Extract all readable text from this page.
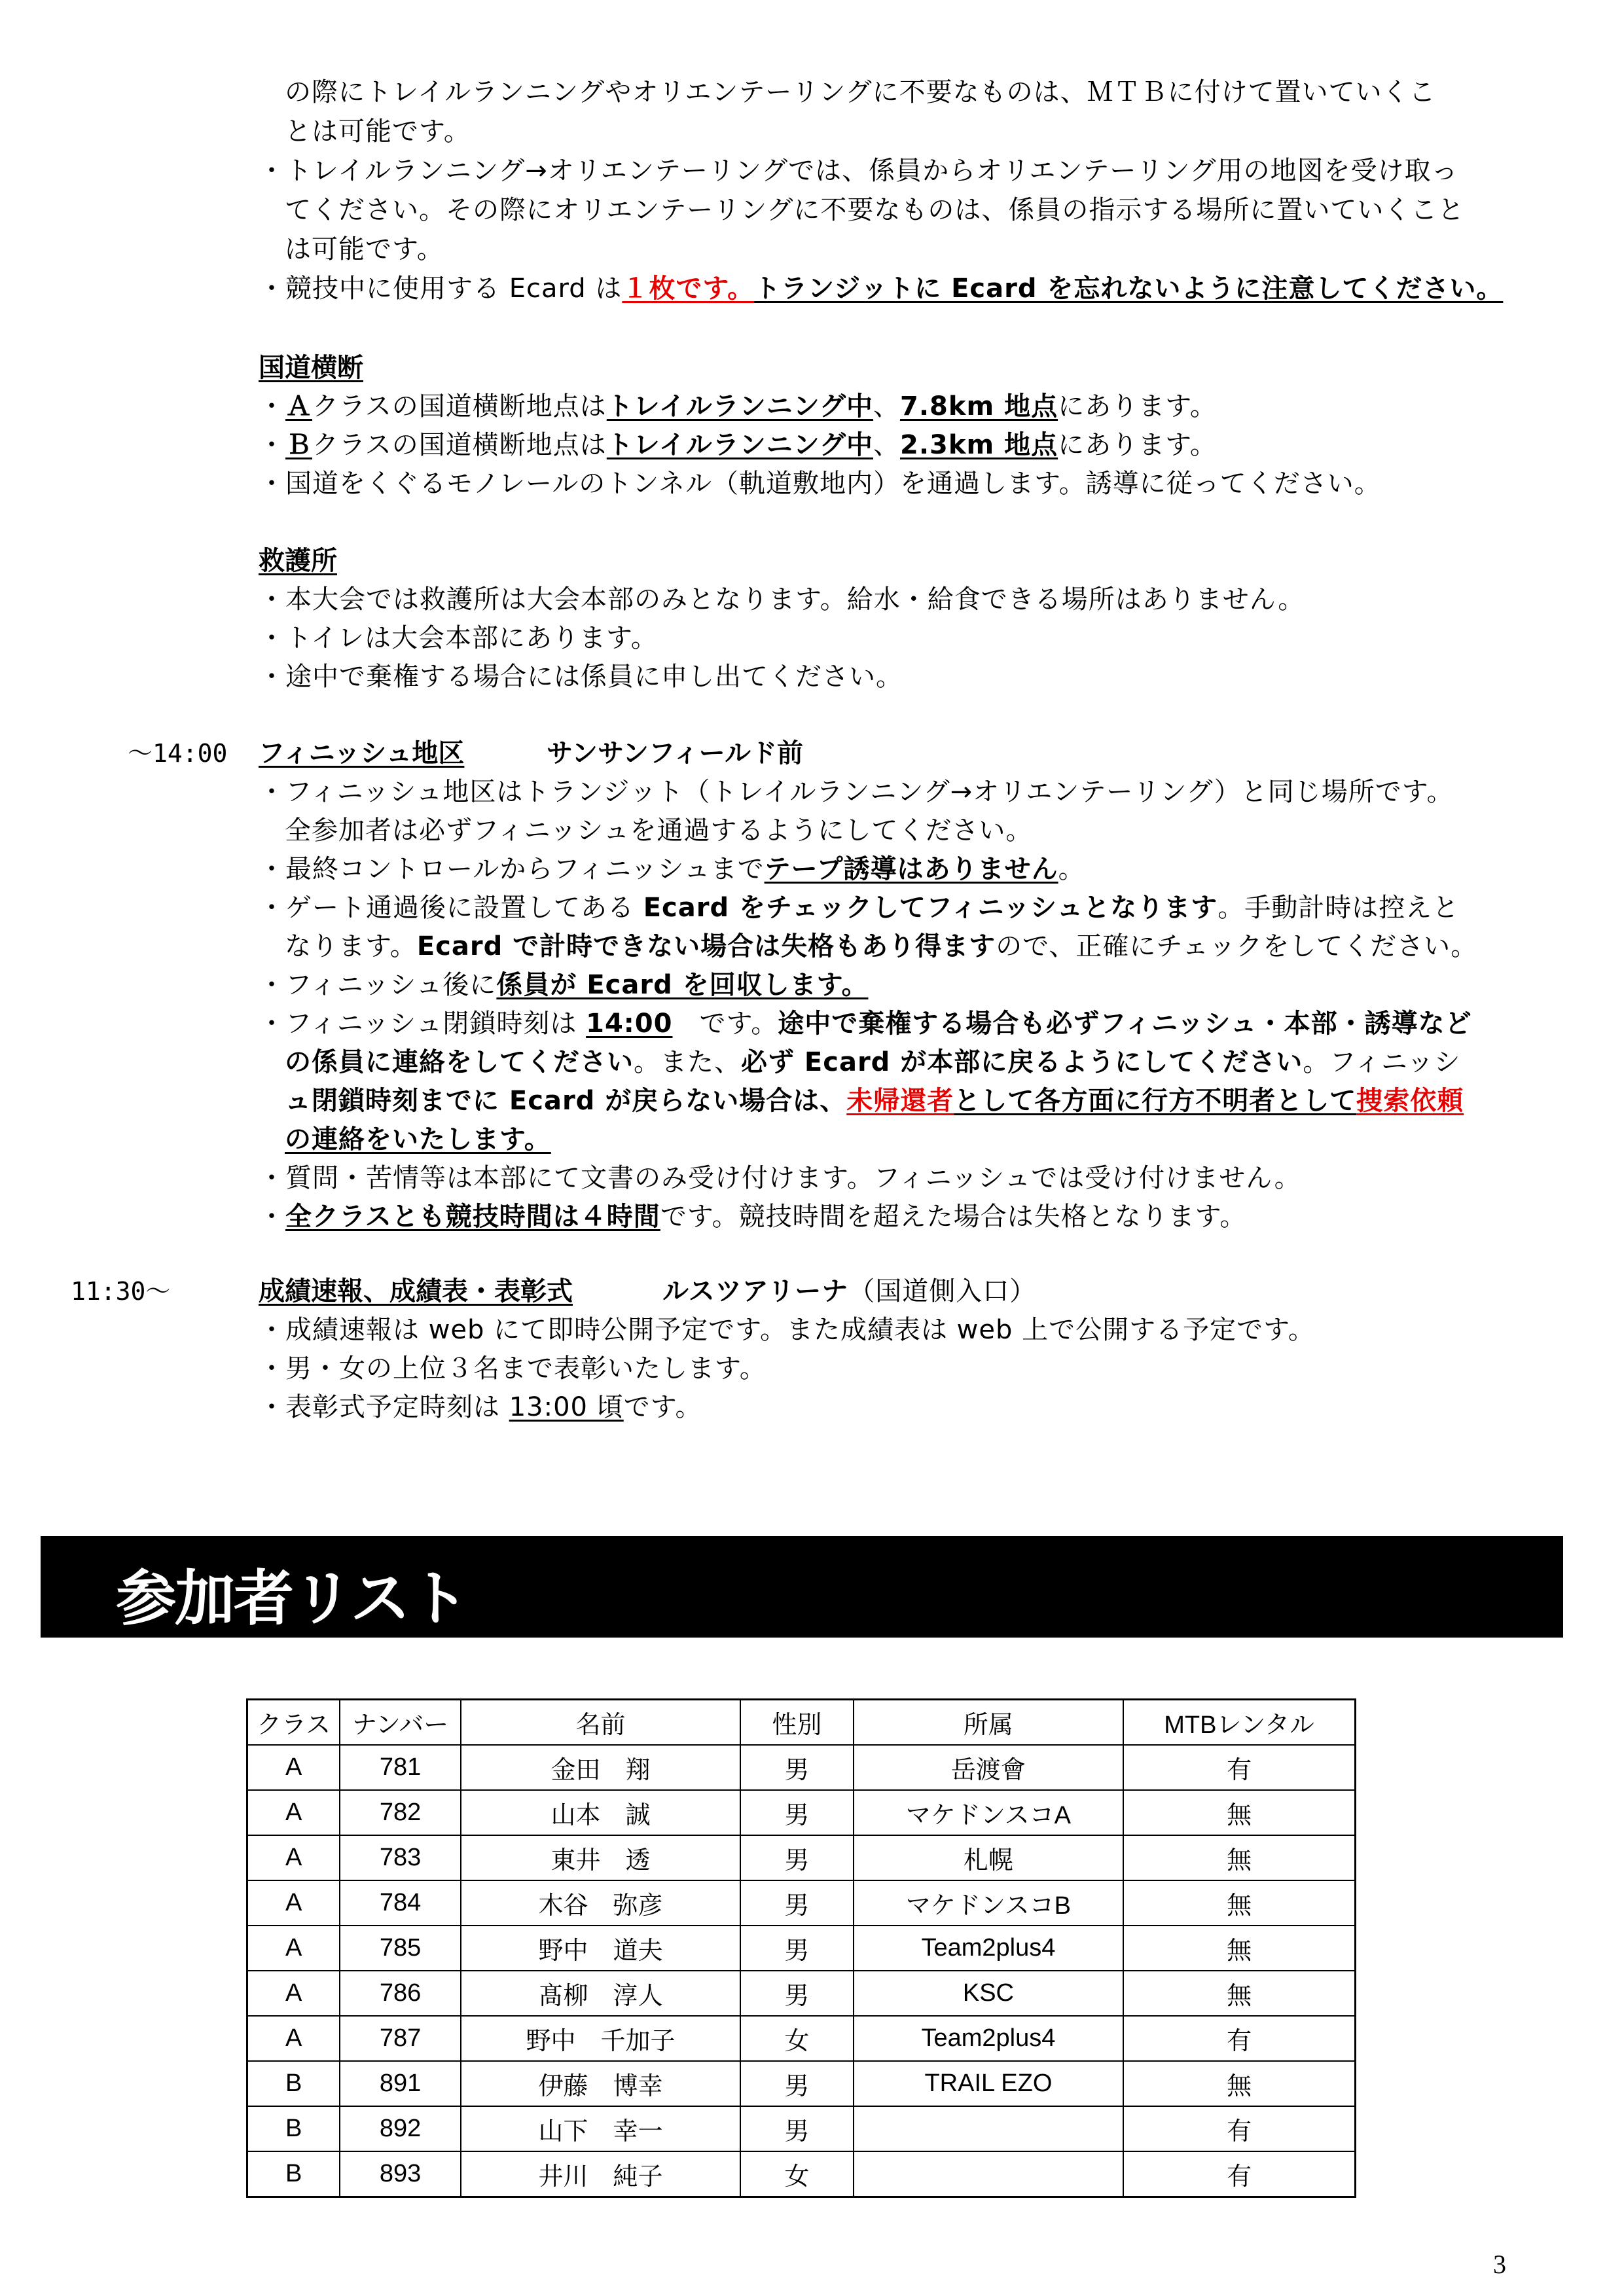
の際にトレイルランニングやオリエンテーリングに不要なものは、ＭＴＢに付けて置いていくこ
とは可能です。
・トレイルランニング→オリエンテーリングでは、係員からオリエンテーリング用の地図を受け取っ
てください。その際にオリエンテーリングに不要なものは、係員の指示する場所に置いていくこと
は可能です。
・競技中に使用する Ecard は１枚です。トランジットに Ecard を忘れないように注意してください。
国道横断
・Ａクラスの国道横断地点はトレイルランニング中、7.8km 地点にあります。
・Ｂクラスの国道横断地点はトレイルランニング中、2.3km 地点にあります。
・国道をくぐるモノレールのトンネル（軌道敷地内）を通過します。誘導に従ってください。
救護所
・本大会では救護所は大会本部のみとなります。給水・給食できる場所はありません。
・トイレは大会本部にあります。
・途中で棄権する場合には係員に申し出てください。
～14:00 フィニッシュ地区	サンサンフィールド前
・フィニッシュ地区はトランジット（トレイルランニング→オリエンテーリング）と同じ場所です。
全参加者は必ずフィニッシュを通過するようにしてください。
・最終コントロールからフィニッシュまでテープ誘導はありません。
・ゲート通過後に設置してある Ecard をチェックしてフィニッシュとなります。手動計時は控えと
なります。Ecard で計時できない場合は失格もあり得ますので、正確にチェックをしてください。
・フィニッシュ後に係員が Ecard を回収します。
・フィニッシュ閉鎖時刻は 14:00　です。途中で棄権する場合も必ずフィニッシュ・本部・誘導など
の係員に連絡をしてください。また、必ず Ecard が本部に戻るようにしてください。フィニッシ
ュ閉鎖時刻までに Ecard が戻らない場合は、未帰還者として各方面に行方不明者として捜索依頼
の連絡をいたします。
・質問・苦情等は本部にて文書のみ受け付けます。フィニッシュでは受け付けません。
・全クラスとも競技時間は４時間です。競技時間を超えた場合は失格となります。
11:30～	成績速報、成績表・表彰式	ルスツアリーナ（国道側入口）
・成績速報は web にて即時公開予定です。また成績表は web 上で公開する予定です。
・男・女の上位３名まで表彰いたします。
・表彰式予定時刻は 13:00 頃です。
参加者リスト
クラス	ナンバー	名前	性別	所属	MTBレンタル
A	781	金田　翔	男	岳渡會	有
A	782	山本　誠	男	マケドンスコA	無
A	783	東井　透	男	札幌	無
A	784	木谷　弥彦	男	マケドンスコB	無
A	785	野中　道夫	男	Team2plus4	無
A	786	髙柳　淳人	男	KSC	無
A	787	野中　千加子	女	Team2plus4	有
B	891	伊藤　博幸	男	TRAIL EZO	無
B	892	山下　幸一	男		有
B	893	井川　純子	女		有
3
